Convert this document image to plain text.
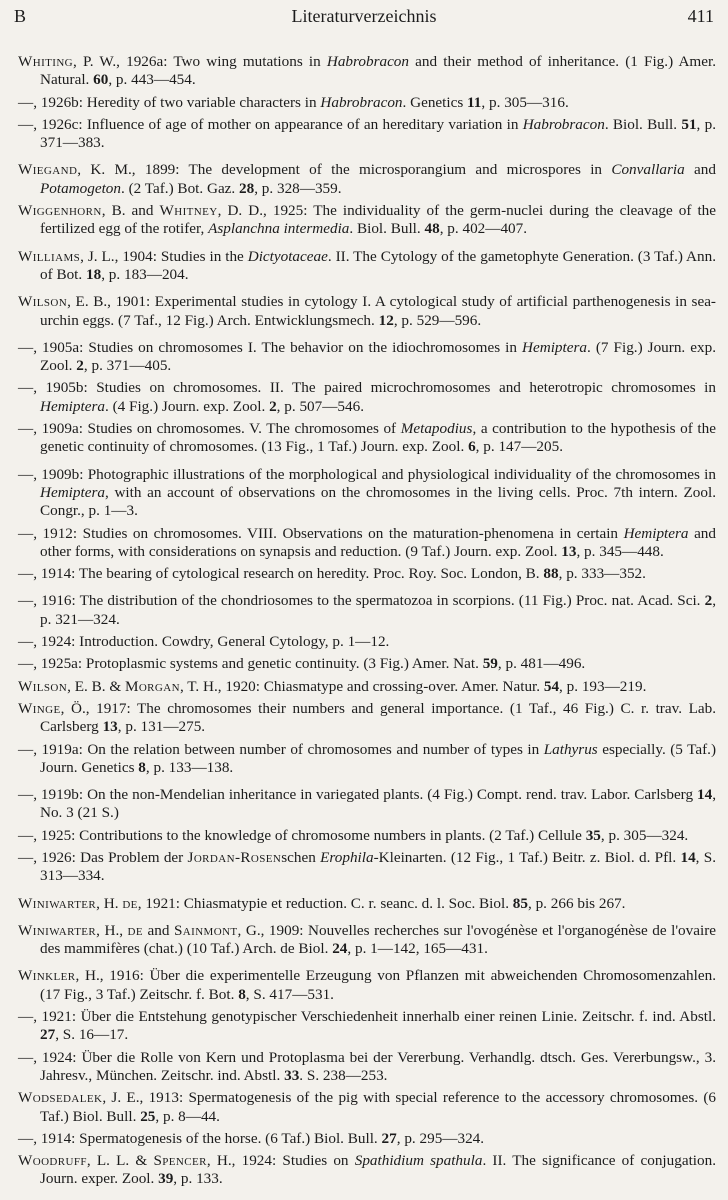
B	Literaturverzeichnis	411

Whiting, P. W., 1926a: Two wing mutations in Habrobracon and their method of inheritance. (1 Fig.) Amer. Natural. 60, p. 443—454.

—, 1926b: Heredity of two variable characters in Habrobracon. Genetics 11, p. 305—316.

—, 1926c: Influence of age of mother on appearance of an hereditary variation in Habrobracon. Biol. Bull. 51, p. 371—383.

Wiegand, K. M., 1899: The development of the microsporangium and microspores in Convallaria and Potamogeton. (2 Taf.) Bot. Gaz. 28, p. 328—359.

Wiggenhorn, B. and Whitney, D. D., 1925: The individuality of the germ-nuclei during the cleavage of the fertilized egg of the rotifer, Asplanchna intermedia. Biol. Bull. 48, p. 402—407.

Williams, J. L., 1904: Studies in the Dictyotaceae. II. The Cytology of the gametophyte Generation. (3 Taf.) Ann. of Bot. 18, p. 183—204.

Wilson, E. B., 1901: Experimental studies in cytology I. A cytological study of artificial parthenogenesis in sea-urchin eggs. (7 Taf., 12 Fig.) Arch. Entwicklungsmech. 12, p. 529—596.

—, 1905a: Studies on chromosomes I. The behavior on the idiochromosomes in Hemiptera. (7 Fig.) Journ. exp. Zool. 2, p. 371—405.

—, 1905b: Studies on chromosomes. II. The paired microchromosomes and heterotropic chromosomes in Hemiptera. (4 Fig.) Journ. exp. Zool. 2, p. 507—546.

—, 1909a: Studies on chromosomes. V. The chromosomes of Metapodius, a contribution to the hypothesis of the genetic continuity of chromosomes. (13 Fig., 1 Taf.) Journ. exp. Zool. 6, p. 147—205.

—, 1909b: Photographic illustrations of the morphological and physiological individuality of the chromosomes in Hemiptera, with an account of observations on the chromosomes in the living cells. Proc. 7th intern. Zool. Congr., p. 1—3.

—, 1912: Studies on chromosomes. VIII. Observations on the maturation-phenomena in certain Hemiptera and other forms, with considerations on synapsis and reduction. (9 Taf.) Journ. exp. Zool. 13, p. 345—448.

—, 1914: The bearing of cytological research on heredity. Proc. Roy. Soc. London, B. 88, p. 333—352.

—, 1916: The distribution of the chondriosomes to the spermatozoa in scorpions. (11 Fig.) Proc. nat. Acad. Sci. 2, p. 321—324.

—, 1924: Introduction. Cowdry, General Cytology, p. 1—12.

—, 1925a: Protoplasmic systems and genetic continuity. (3 Fig.) Amer. Nat. 59, p. 481—496.

Wilson, E. B. & Morgan, T. H., 1920: Chiasmatype and crossing-over. Amer. Natur. 54, p. 193—219.

Winge, Ö., 1917: The chromosomes their numbers and general importance. (1 Taf., 46 Fig.) C. r. trav. Lab. Carlsberg 13, p. 131—275.

—, 1919a: On the relation between number of chromosomes and number of types in Lathyrus especially. (5 Taf.) Journ. Genetics 8, p. 133—138.

—, 1919b: On the non-Mendelian inheritance in variegated plants. (4 Fig.) Compt. rend. trav. Labor. Carlsberg 14, No. 3 (21 S.)

—, 1925: Contributions to the knowledge of chromosome numbers in plants. (2 Taf.) Cellule 35, p. 305—324.

—, 1926: Das Problem der Jordan-Rosenschen Erophila-Kleinarten. (12 Fig., 1 Taf.) Beitr. z. Biol. d. Pfl. 14, S. 313—334.

Winiwarter, H. de, 1921: Chiasmatypie et reduction. C. r. seanc. d. l. Soc. Biol. 85, p. 266 bis 267.

Winiwarter, H., de and Sainmont, G., 1909: Nouvelles recherches sur l'ovogénèse et l'organogénèse de l'ovaire des mammifères (chat.) (10 Taf.) Arch. de Biol. 24, p. 1—142, 165—431.

Winkler, H., 1916: Über die experimentelle Erzeugung von Pflanzen mit abweichenden Chromosomenzahlen. (17 Fig., 3 Taf.) Zeitschr. f. Bot. 8, S. 417—531.

—, 1921: Über die Entstehung genotypischer Verschiedenheit innerhalb einer reinen Linie. Zeitschr. f. ind. Abstl. 27, S. 16—17.

—, 1924: Über die Rolle von Kern und Protoplasma bei der Vererbung. Verhandlg. dtsch. Ges. Vererbungsw., 3. Jahresv., München. Zeitschr. ind. Abstl. 33. S. 238—253.

Wodsedalek, J. E., 1913: Spermatogenesis of the pig with special reference to the accessory chromosomes. (6 Taf.) Biol. Bull. 25, p. 8—44.

—, 1914: Spermatogenesis of the horse. (6 Taf.) Biol. Bull. 27, p. 295—324.

Woodruff, L. L. & Spencer, H., 1924: Studies on Spathidium spathula. II. The significance of conjugation. Journ. exper. Zool. 39, p. 133.
